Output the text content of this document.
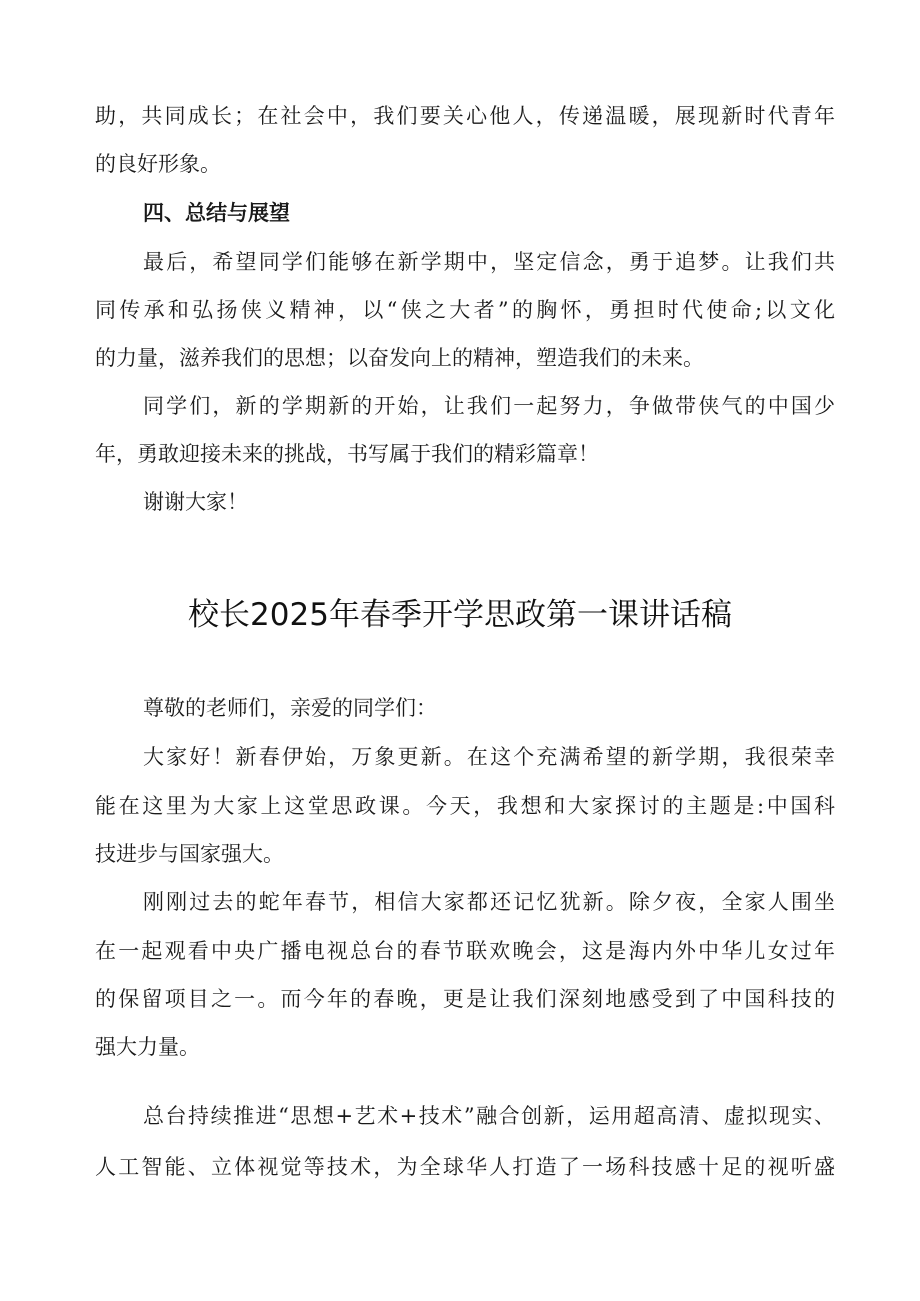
助，共同成长；在社会中，我们要关心他人，传递温暖，展现新时代青年
的良好形象。
四、总结与展望
最后，希望同学们能够在新学期中，坚定信念，勇于追梦。让我们共
同传承和弘扬侠义精神，以“侠之大者”的胸怀，勇担时代使命;以文化
的力量，滋养我们的思想；以奋发向上的精神，塑造我们的未来。
同学们，新的学期新的开始，让我们一起努力，争做带侠气的中国少
年，勇敢迎接未来的挑战，书写属于我们的精彩篇章！
谢谢大家！
校长2025年春季开学思政第一课讲话稿
尊敬的老师们，亲爱的同学们：
大家好！新春伊始，万象更新。在这个充满希望的新学期，我很荣幸
能在这里为大家上这堂思政课。今天，我想和大家探讨的主题是:中国科
技进步与国家强大。
刚刚过去的蛇年春节，相信大家都还记忆犹新。除夕夜，全家人围坐
在一起观看中央广播电视总台的春节联欢晚会，这是海内外中华儿女过年
的保留项目之一。而今年的春晚，更是让我们深刻地感受到了中国科技的
强大力量。
总台持续推进“思想+艺术+技术”融合创新，运用超高清、虚拟现实、
人工智能、立体视觉等技术，为全球华人打造了一场科技感十足的视听盛
